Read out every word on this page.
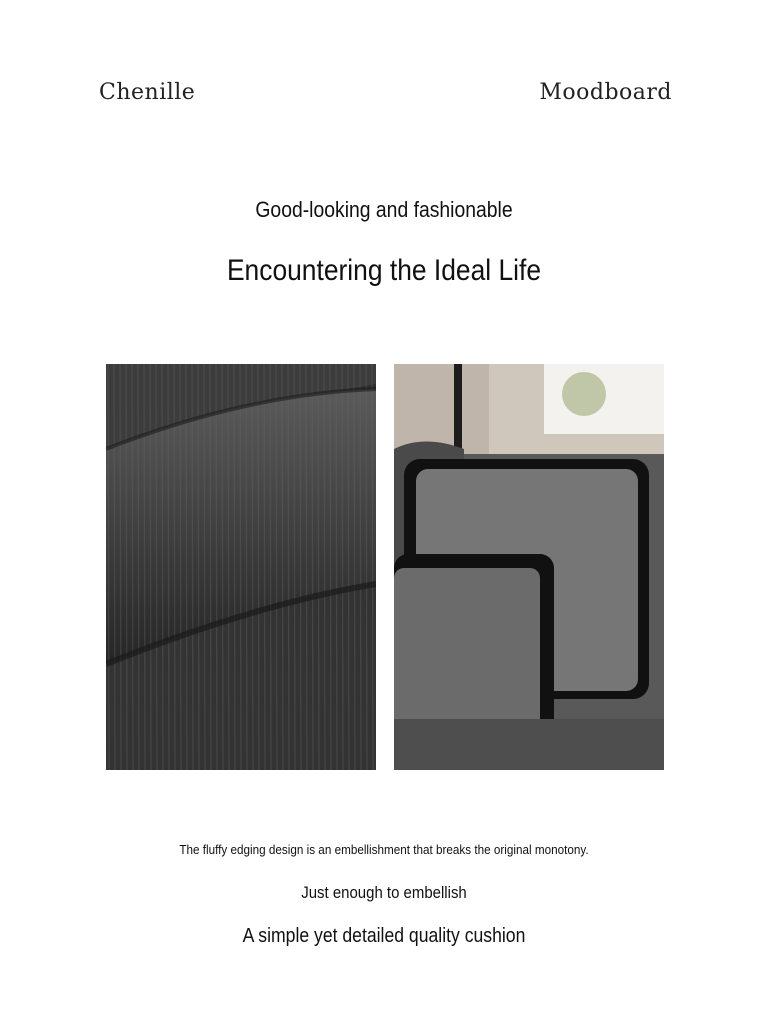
Chenille	Moodboard
Good-looking and fashionable
Encountering the Ideal Life
The fluffy edging design is an embellishment that breaks the original monotony.
Just enough to embellish
A simple yet detailed quality cushion
